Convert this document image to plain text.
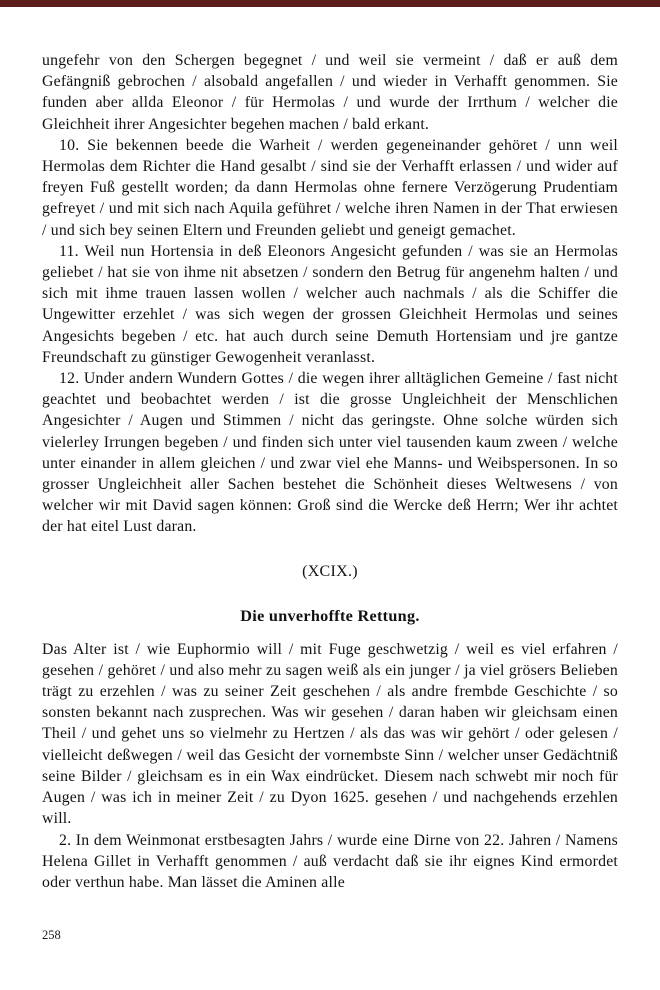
ungefehr von den Schergen begegnet / und weil sie vermeint / daß er auß dem Gefängniß gebrochen / alsobald angefallen / und wieder in Verhafft genommen. Sie funden aber allda Eleonor / für Hermolas / und wurde der Irrthum / welcher die Gleichheit ihrer Angesichter begehen machen / bald erkant.

10. Sie bekennen beede die Warheit / werden gegeneinander gehöret / unn weil Hermolas dem Richter die Hand gesalbt / sind sie der Verhafft erlassen / und wider auf freyen Fuß gestellt worden; da dann Hermolas ohne fernere Verzögerung Prudentiam gefreyet / und mit sich nach Aquila geführet / welche ihren Namen in der That erwiesen / und sich bey seinen Eltern und Freunden geliebt und geneigt gemachet.

11. Weil nun Hortensia in deß Eleonors Angesicht gefunden / was sie an Hermolas geliebet / hat sie von ihme nit absetzen / sondern den Betrug für angenehm halten / und sich mit ihme trauen lassen wollen / welcher auch nachmals / als die Schiffer die Ungewitter erzehlet / was sich wegen der grossen Gleichheit Hermolas und seines Angesichts begeben / etc. hat auch durch seine Demuth Hortensiam und jre gantze Freundschaft zu günstiger Gewogenheit veranlasst.

12. Under andern Wundern Gottes / die wegen ihrer alltäglichen Gemeine / fast nicht geachtet und beobachtet werden / ist die grosse Ungleichheit der Menschlichen Angesichter / Augen und Stimmen / nicht das geringste. Ohne solche würden sich vielerley Irrungen begeben / und finden sich unter viel tausenden kaum zween / welche unter einander in allem gleichen / und zwar viel ehe Manns- und Weibspersonen. In so grosser Ungleichheit aller Sachen bestehet die Schönheit dieses Weltwesens / von welcher wir mit David sagen können: Groß sind die Wercke deß Herrn; Wer ihr achtet der hat eitel Lust daran.

(XCIX.)
Die unverhoffte Rettung.

Das Alter ist / wie Euphormio will / mit Fuge geschwetzig / weil es viel erfahren / gesehen / gehöret / und also mehr zu sagen weiß als ein junger / ja viel grösers Belieben trägt zu erzehlen / was zu seiner Zeit geschehen / als andre frembde Geschichte / so sonsten bekannt nach zusprechen. Was wir gesehen / daran haben wir gleichsam einen Theil / und gehet uns so vielmehr zu Hertzen / als das was wir gehört / oder gelesen / vielleicht deßwegen / weil das Gesicht der vornembste Sinn / welcher unser Gedächtniß seine Bilder / gleichsam es in ein Wax eindrücket. Diesem nach schwebt mir noch für Augen / was ich in meiner Zeit / zu Dyon 1625. gesehen / und nachgehends erzehlen will.

2. In dem Weinmonat erstbesagten Jahrs / wurde eine Dirne von 22. Jahren / Namens Helena Gillet in Verhafft genommen / auß verdacht daß sie ihr eignes Kind ermordet oder verthun habe. Man lässet die Aminen alle

258
